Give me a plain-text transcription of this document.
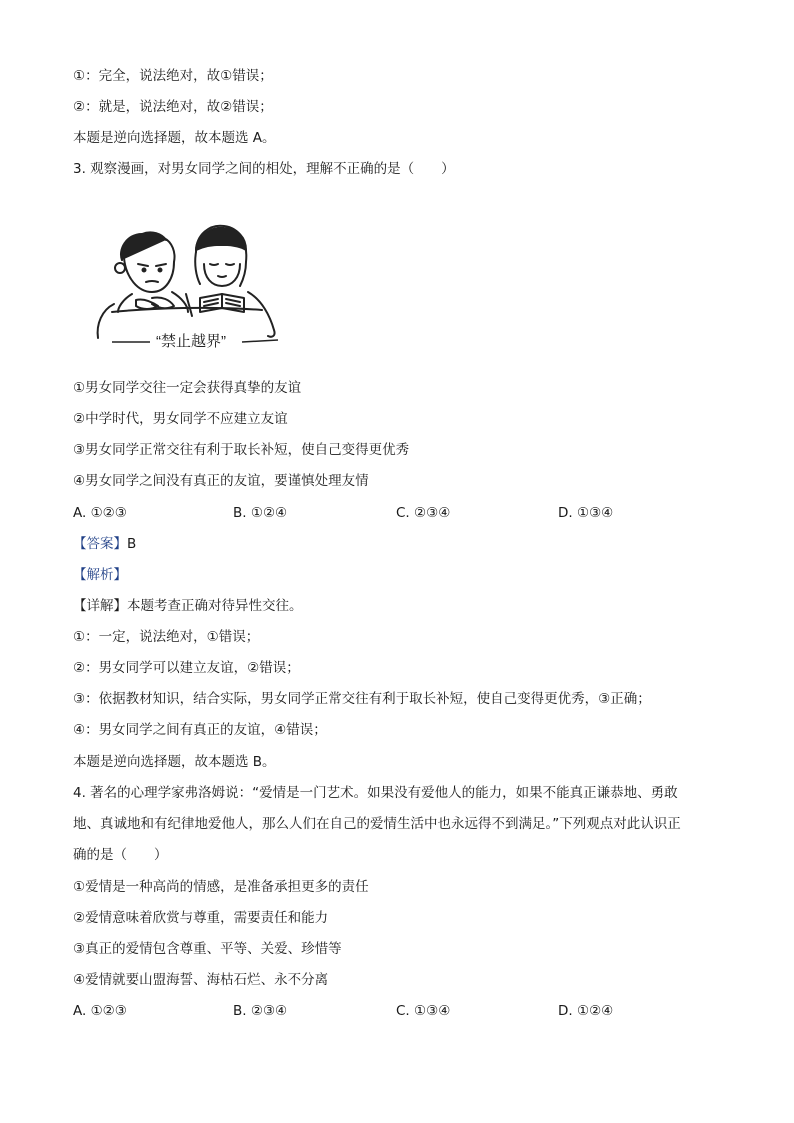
①：完全，说法绝对，故①错误；
②：就是，说法绝对，故②错误；
本题是逆向选择题，故本题选 A。
3. 观察漫画，对男女同学之间的相处，理解不正确的是（　　）
“禁止越界”
①男女同学交往一定会获得真挚的友谊
②中学时代，男女同学不应建立友谊
③男女同学正常交往有利于取长补短，使自己变得更优秀
④男女同学之间没有真正的友谊，要谨慎处理友情
A. ①②③	B. ①②④	C. ②③④	D. ①③④
【答案】B
【解析】
【详解】本题考查正确对待异性交往。
①：一定，说法绝对，①错误；
②：男女同学可以建立友谊，②错误；
③：依据教材知识，结合实际，男女同学正常交往有利于取长补短，使自己变得更优秀，③正确；
④：男女同学之间有真正的友谊，④错误；
本题是逆向选择题，故本题选 B。
4. 著名的心理学家弗洛姆说：“爱情是一门艺术。如果没有爱他人的能力，如果不能真正谦恭地、勇敢
地、真诚地和有纪律地爱他人，那么人们在自己的爱情生活中也永远得不到满足。”下列观点对此认识正
确的是（　　）
①爱情是一种高尚的情感，是准备承担更多的责任
②爱情意味着欣赏与尊重，需要责任和能力
③真正的爱情包含尊重、平等、关爱、珍惜等
④爱情就要山盟海誓、海枯石烂、永不分离
A. ①②③	B. ②③④	C. ①③④	D. ①②④
